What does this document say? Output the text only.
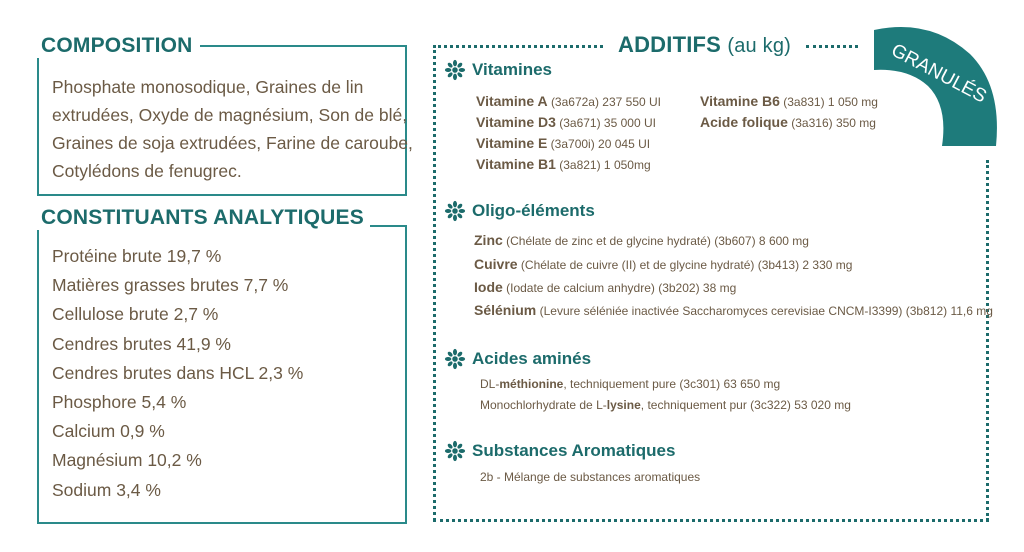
COMPOSITION
Phosphate monosodique, Graines de lin
extrudées, Oxyde de magnésium, Son de blé,
Graines de soja extrudées, Farine de caroube,
Cotylédons de fenugrec.
CONSTITUANTS ANALYTIQUES
Protéine brute 19,7 %
Matières grasses brutes 7,7 %
Cellulose brute 2,7 %
Cendres brutes 41,9 %
Cendres brutes dans HCL 2,3 %
Phosphore 5,4 %
Calcium 0,9 %
Magnésium 10,2 %
Sodium 3,4 %
ADDITIFS (au kg)	GRANULÉS
Vitamines
Vitamine A (3a672a) 237 550 UI
Vitamine D3 (3a671) 35 000 UI
Vitamine E (3a700i) 20 045 UI
Vitamine B1 (3a821) 1 050mg
Vitamine B6 (3a831) 1 050 mg
Acide folique (3a316) 350 mg
Oligo-éléments
Zinc (Chélate de zinc et de glycine hydraté) (3b607) 8 600 mg
Cuivre (Chélate de cuivre (II) et de glycine hydraté) (3b413) 2 330 mg
Iode (Iodate de calcium anhydre) (3b202) 38 mg
Sélénium (Levure séléniée inactivée Saccharomyces cerevisiae CNCM-I3399) (3b812) 11,6 mg
Acides aminés
DL-méthionine, techniquement pure (3c301) 63 650 mg
Monochlorhydrate de L-lysine, techniquement pur (3c322) 53 020 mg
Substances Aromatiques
2b - Mélange de substances aromatiques
